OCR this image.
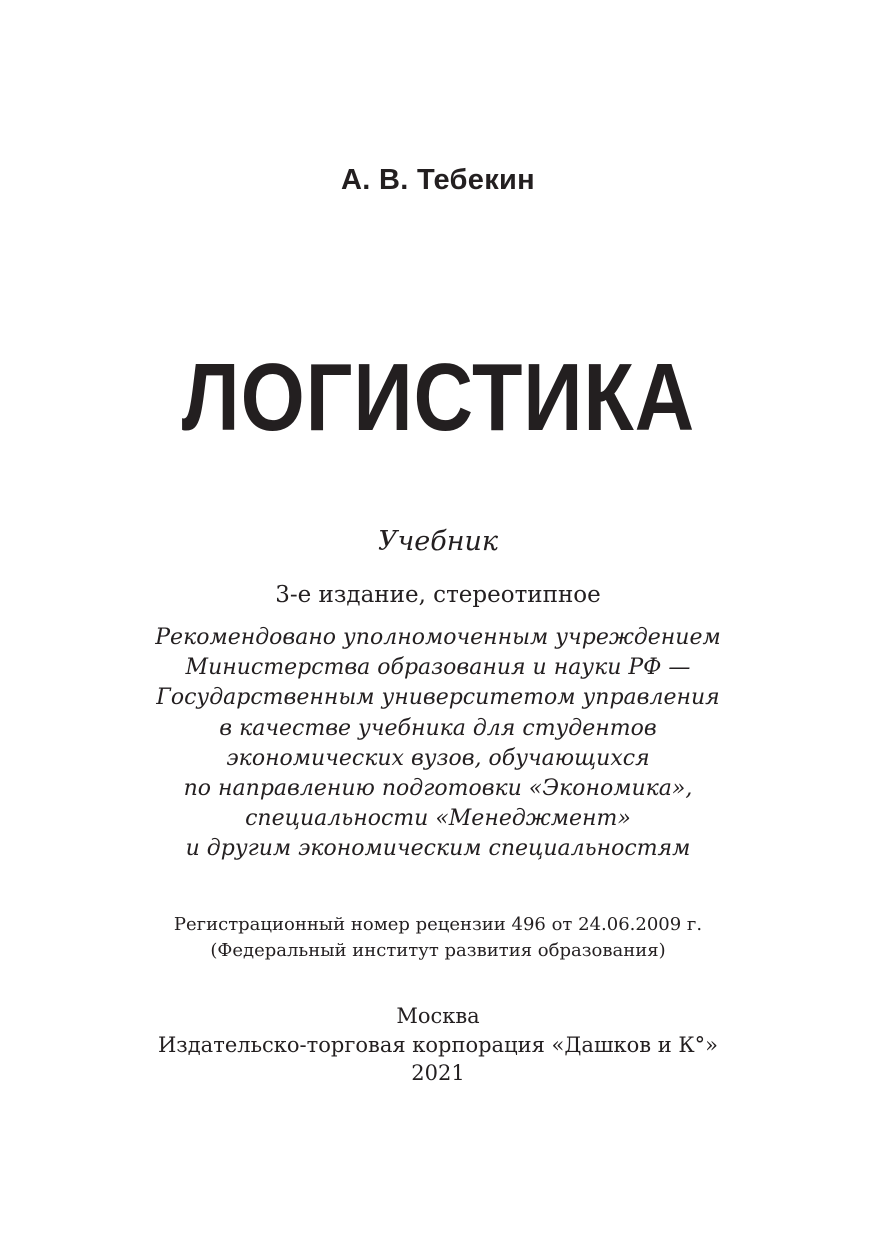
А. В. Тебекин
ЛОГИСТИКА
Учебник
3-е издание, стереотипное
Рекомендовано уполномоченным учреждением
Министерства образования и науки РФ —
Государственным университетом управления
в качестве учебника для студентов
экономических вузов, обучающихся
по направлению подготовки «Экономика»,
специальности «Менеджмент»
и другим экономическим специальностям
Регистрационный номер рецензии 496 от 24.06.2009 г.
(Федеральный институт развития образования)
Москва
Издательско-торговая корпорация «Дашков и К°»
2021
